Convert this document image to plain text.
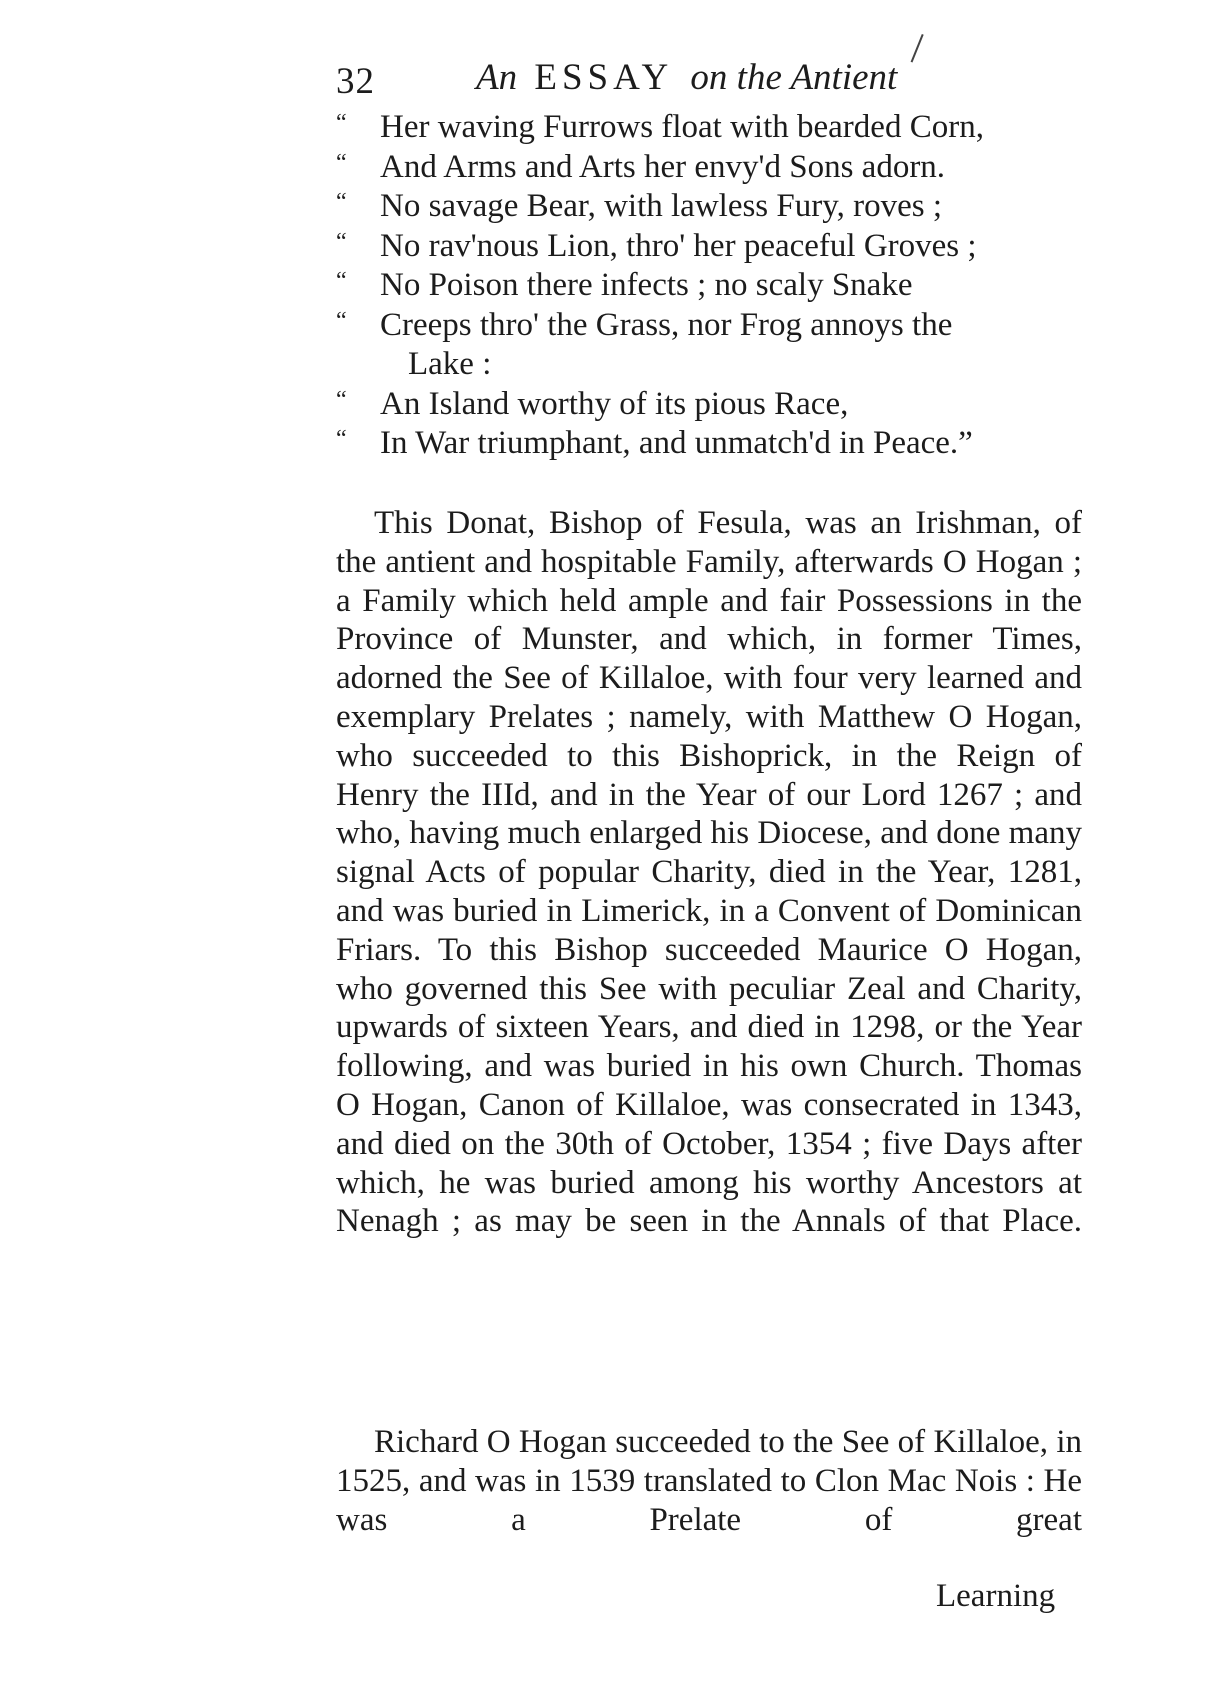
32	An ESSAY on the Antient
“ Her waving Furrows float with bearded Corn,
“ And Arms and Arts her envy'd Sons adorn.
“ No savage Bear, with lawless Fury, roves ;
“ No rav'nous Lion, thro' her peaceful Groves ;
“ No Poison there infects ; no scaly Snake
“ Creeps thro' the Grass, nor Frog annoys the
Lake :
“ An Island worthy of its pious Race,
“ In War triumphant, and unmatch'd in Peace.”

This Donat, Bishop of Fesula, was an Irishman, of the antient and hospitable Family, afterwards O Hogan ; a Family which held ample and fair Possessions in the Province of Munster, and which, in former Times, adorned the See of Killaloe, with four very learned and exemplary Prelates ; namely, with Matthew O Hogan, who succeeded to this Bishoprick, in the Reign of Henry the IIId, and in the Year of our Lord 1267 ; and who, having much enlarged his Diocese, and done many signal Acts of popular Charity, died in the Year, 1281, and was buried in Limerick, in a Convent of Dominican Friars. To this Bishop succeeded Maurice O Hogan, who governed this See with peculiar Zeal and Charity, upwards of sixteen Years, and died in 1298, or the Year following, and was buried in his own Church. Thomas O Hogan, Canon of Killaloe, was consecrated in 1343, and died on the 30th of October, 1354 ; five Days after which, he was buried among his worthy Ancestors at Nenagh ; as may be seen in the Annals of that Place.

Richard O Hogan succeeded to the See of Killaloe, in 1525, and was in 1539 translated to Clon Mac Nois : He was a Prelate of great

Learning
